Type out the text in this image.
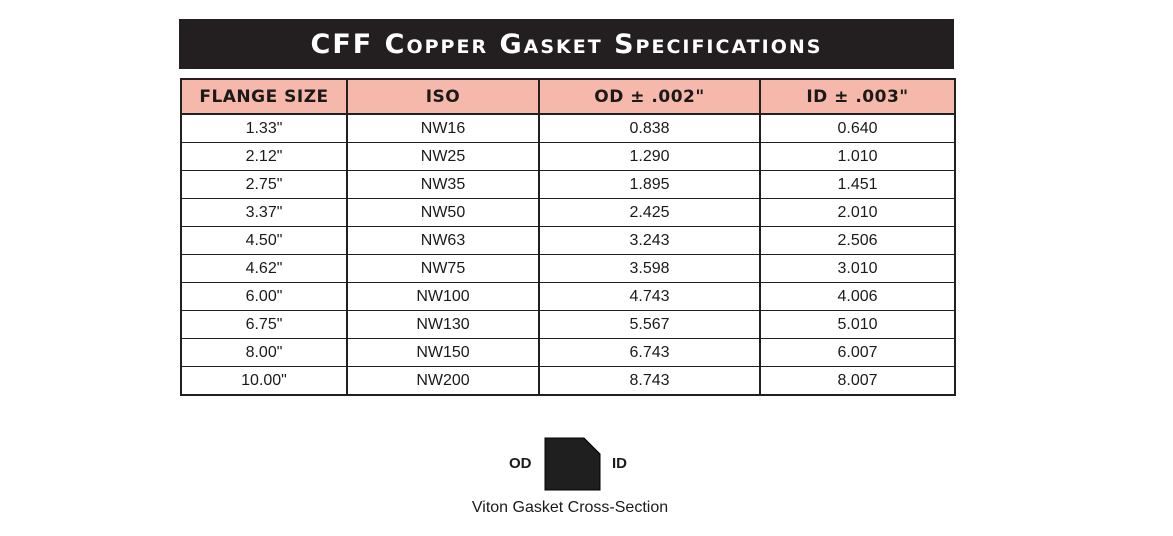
CFF Copper Gasket Specifications
FLANGE SIZE	ISO	OD ± .002"	ID ± .003"
1.33"	NW16	0.838	0.640
2.12"	NW25	1.290	1.010
2.75"	NW35	1.895	1.451
3.37"	NW50	2.425	2.010
4.50"	NW63	3.243	2.506
4.62"	NW75	3.598	3.010
6.00"	NW100	4.743	4.006
6.75"	NW130	5.567	5.010
8.00"	NW150	6.743	6.007
10.00"	NW200	8.743	8.007
OD	ID
Viton Gasket Cross-Section
